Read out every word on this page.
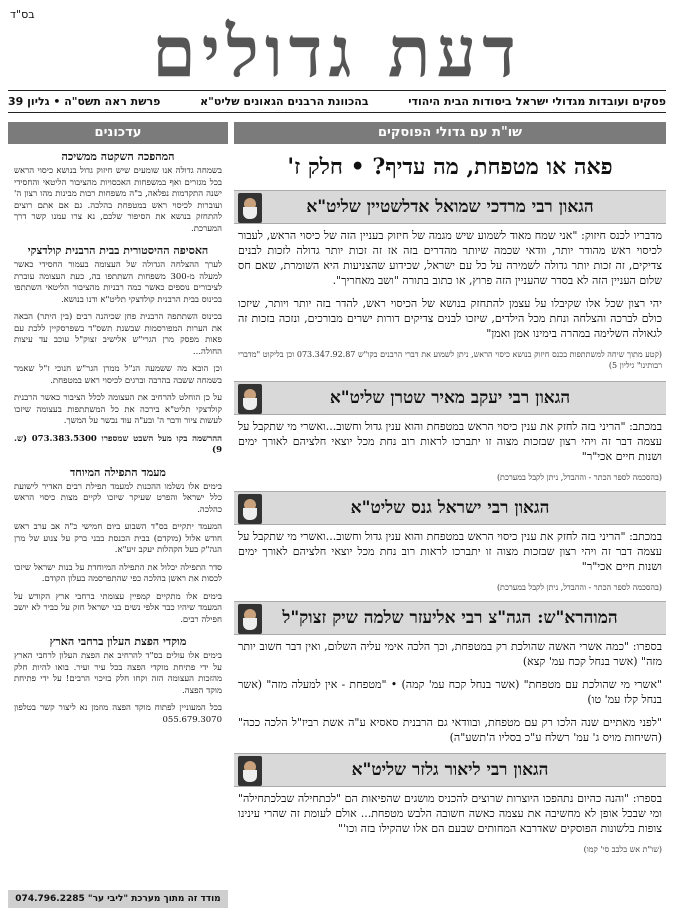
בס"ד	דעת גדולים
פסקים ועובדות מגדולי ישראל ביסודות הבית היהודי
בהכוונת הרבנים הגאונים שליט"א
פרשת ראה תשס"ה • גליון 39
שו"ת עם גדולי הפוסקים
פאה או מטפחת, מה עדיף? • חלק ז'
הגאון רבי מרדכי שמואל אדלשטיין שליט"א
מדבריו לכנס חיזוק: "אני שמח מאוד לשמוע שיש מגמה של חיזוק בעניין הזה של כיסוי הראש, לעבור לכיסוי ראש מהודר יותר, וודאי שכמה שיותר מהדרים בזה אז זה זכות יותר גדולה לזכות לבנים צדיקים, זה זכות יותר גדולה לשמירה על כל עם ישראל, שכידוע שהצניעות היא השומרת, שאם חס שלום העניין הזה לא בסדר שהעניין הזה פרוץ, או כתוב בתורה "ושב מאחריך".
יהי רצון שכל אלו שקיבלו על עצמן להתחזק בנושא של הכיסוי ראש, להדר בזה יותר ויותר, שיזכו כולם לברכה והצלחה ונחת מכל הילדים, שיזכו לבנים צדיקים דורות ישרים מבורכים, ונזכה בזכות זה לגאולה השלימה במהרה בימינו אמן ואמן"
(קטע מתוך שיחה למשתתפות בכנס חיזוק בנושא כיסוי הראש, ניתן לשמוע את דברי הרבנים בקו"ש 073.347.92.87 וכן בליקוט "מדברי רבותינו" גיליון 5)
הגאון רבי יעקב מאיר שטרן שליט"א
במכתב: "הריני בזה לחזק את ענין כיסוי הראש במטפחת והוא ענין גדול וחשוב...ואשרי מי שתקבל על עצמה דבר זה ויהי רצון שבזכות מצוה זו יתברכו לראות רוב נחת מכל יוצאי חלציהם לאורך ימים ושנות חיים אכי"ר"
(בהסכמה לספר הכתר - וההבדל, ניתן לקבל במערכת)
הגאון רבי ישראל גנס שליט"א
במכתב: "הריני בזה לחזק את ענין כיסוי הראש במטפחת והוא ענין גדול וחשוב...ואשרי מי שתקבל על עצמה דבר זה ויהי רצון שבזכות מצוה זו יתברכו לראות רוב נחת מכל יוצאי חלציהם לאורך ימים ושנות חיים אכי"ר"
(בהסכמה לספר הכתר - וההבדל, ניתן לקבל במערכת)
המוהרא"ש: הגה"צ רבי אליעזר שלמה שיק זצוק"ל
בספרו: "כמה אשרי האשה שהולכת רק במטפחת, וכך הלכה אימי עליה השלום, ואין דבר חשוב יותר מזה" (אשר בנחל קכח עמ' קצא)
"אשרי מי שהולכת עם מטפחת" (אשר בנחל קכח עמ' קמה) • "מטפחת - אין למעלה מזה" (אשר בנחל קלז עמ' טו)
"לפני מאתיים שנה הלכו רק עם מטפחת, ובוודאי גם הרבנית סאסיא ע"ה אשת רביז"ל הלכה ככה" (השיחות מויס ג' עמ' רשלח ע"כ בסליו ה'תשע"ה)
הגאון רבי ליאור גלזר שליט"א
בספרו: "והנה כהיום נתהפכו היוצרות שרוצים להכניס מושגים שהפיאות הם "לכתחילה שבלכתחילה" ומי שבכל אופן לא מחשיבה את עצמה כאשה חשובה הלבש מטפחת... אולם לעומת זה שהרי עינינו צופות בלשונות הפוסקים שאדרבא המחותים שבעם הם אלו שהקילו בזה וכו'"
(שו"ת אש בלבב סי' קמו)
עדכונים
המהפכה השקטה ממשיכה
בשמחה גדולה אנו שומעים שיש חיזוק גדול בנושא כיסוי הראש בכל מגזרים ואף במשפחות האכסויות מהציבור הליטאי והחסידי ישנה התקדמות נפלאה, ב"ה משפחות רבות מבינות מהו רצון ה' ועוברות לכיסוי ראש במטפחת בהלכה. גם אם אתם רוצים להתחזק בנושא את הסיפור שלכם, נא צרו עמנו קשר דרך המערכת.
האסיפה ההיסטורית בבית הרבנית קולדצקי
לערך ההצלחה הגדולה של העצומה בעמור החסידי כאשר למעלה מ-300 משפחות השתתפו בה, כעת העצומה עוברת לציבורים נוספים כאשר כמה רבניות מהציבור הליטאי השתתפו בכינוס בבית הרבנית קולדצקי תליט"א ודנו בנושא.
בכינוס השתתפה הרבנית פחן שכיהנה רבים (בין היתר) הבאה את הערות המפורסמות שבשנת תשס"ד בשפרסקיין ללכת עם פאות מפסק מרן הגרי"ש אלישיב זצוק"ל עוכב עד עיצות החולה...
וכן הובא מה ששמעה הנ"ל ממרן הגר"ש חנוכי ז"ל שאמר בשמחה ששבה בהרבה וברגים לכיסוי ראש במטפחת.
על כן הוחלט להרחיב את העצומה לכלל הציבור כאשר הרבנית קולדצקי תליט"א בירכה את כל המשתתפות בעצומה שיזכו לעשות ציור ודבר ה' ובע"ה עוד נבשר על המשך.
ההרשמה בקו מעל השבט שמספרו 073.383.5300 (ש. 9)
מעמד התפילה המיוחד
בימים אלו נשלמו ההכנות למעמד תפילת רבים האדיר לישועת כלל ישראל והפרט שעיקר שיזכו לקיים מצות כיסוי הראש כהלכה.
המעמד יתקיים בס"ד השבוע ביום חמישי כ"ה אב ערב ראש חודש אלול (מוקדם) בבית הכנסת בבני ברק על צנוע של מרן הגה"ק בעל הקהלות יעקב זיע"א.
סדר התפילה יכלול את התפילה המיוחדת על בנות ישראל שיזכו לכסות את ראשן בהלכה כפי שהתפרסמה בעלון הקודם.
בימים אלו מתקיים קמפיין עצומתי ברחבי ארץ הקודש על המעמד שיהיו כבר אלפי נשים בני ישראל חזק על כביר לא יושב חפילה רבים.
מוקדי הפצת העלון ברחבי הארץ
בימים אלו עולים בס"ד להרחיב את הפצת העלון לרחבי הארץ על ידי פתיחת מוקדי הפצה בכל עיר ועיר. בואו להיות חלק מהזכות העצומה הזה וקחו חלק בזיכוי הרבים! על ידי פתיחת מוקד הפצה.
בכל המעוניין לפתוח מוקד הפצה מוזמן נא ליצור קשר בטלפון 055.679.3070
מודד זה מתוך מערכת "ליבי ער" 074.796.2285
